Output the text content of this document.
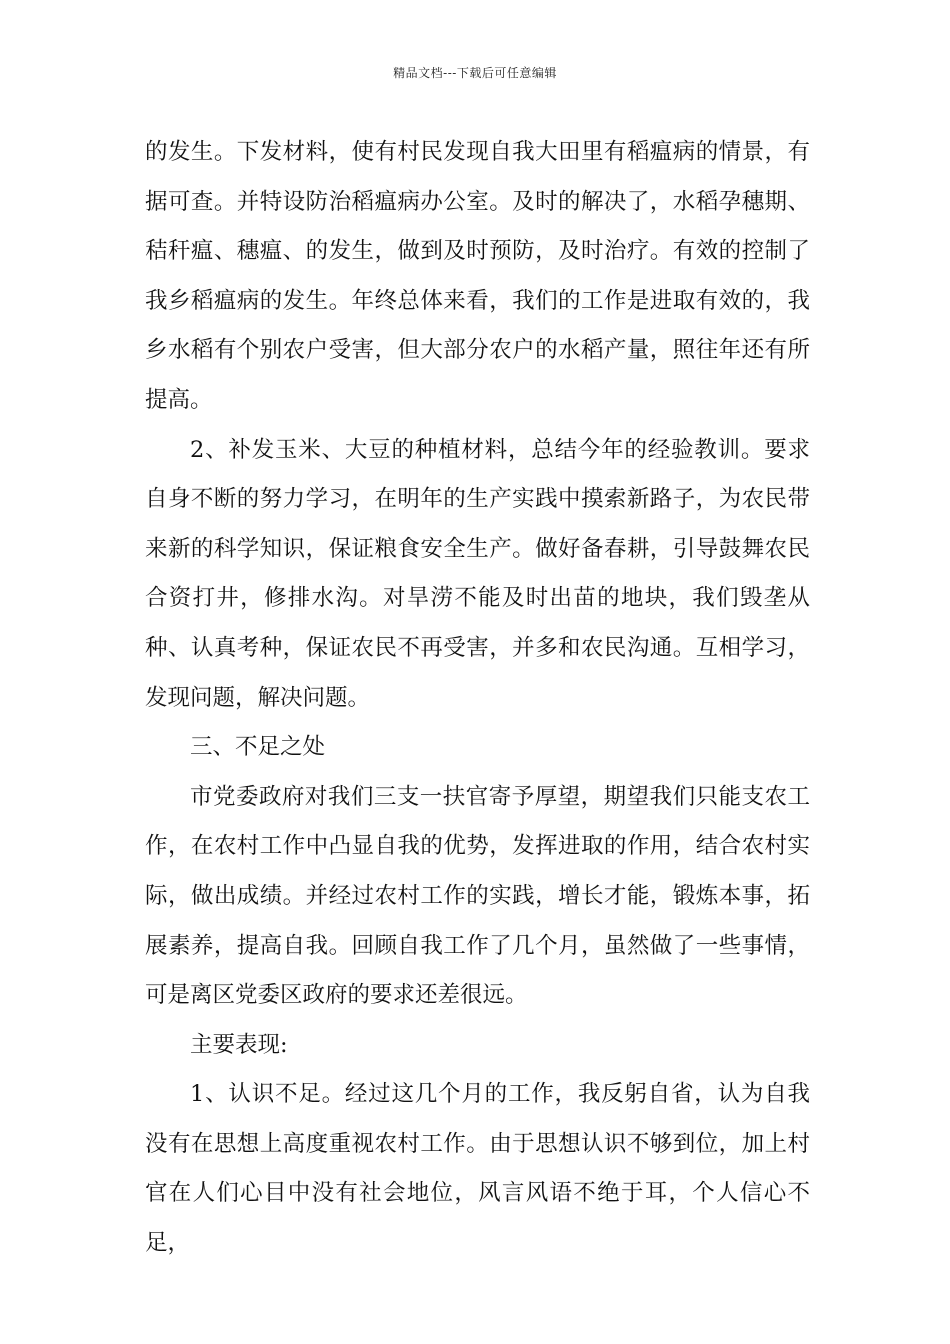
精品文档---下载后可任意编辑

的发生。下发材料，使有村民发现自我大田里有稻瘟病的情景，有据可查。并特设防治稻瘟病办公室。及时的解决了，水稻孕穗期、秸秆瘟、穗瘟、的发生，做到及时预防，及时治疗。有效的控制了我乡稻瘟病的发生。年终总体来看，我们的工作是进取有效的，我乡水稻有个别农户受害，但大部分农户的水稻产量，照往年还有所提高。

2、补发玉米、大豆的种植材料，总结今年的经验教训。要求自身不断的努力学习，在明年的生产实践中摸索新路子，为农民带来新的科学知识，保证粮食安全生产。做好备春耕，引导鼓舞农民合资打井，修排水沟。对旱涝不能及时出苗的地块，我们毁垄从种、认真考种，保证农民不再受害，并多和农民沟通。互相学习，发现问题，解决问题。

三、不足之处

市党委政府对我们三支一扶官寄予厚望，期望我们只能支农工作，在农村工作中凸显自我的优势，发挥进取的作用，结合农村实际，做出成绩。并经过农村工作的实践，增长才能，锻炼本事，拓展素养，提高自我。回顾自我工作了几个月，虽然做了一些事情，可是离区党委区政府的要求还差很远。

主要表现:

1、认识不足。经过这几个月的工作，我反躬自省，认为自我没有在思想上高度重视农村工作。由于思想认识不够到位，加上村官在人们心目中没有社会地位，风言风语不绝于耳，个人信心不足，
